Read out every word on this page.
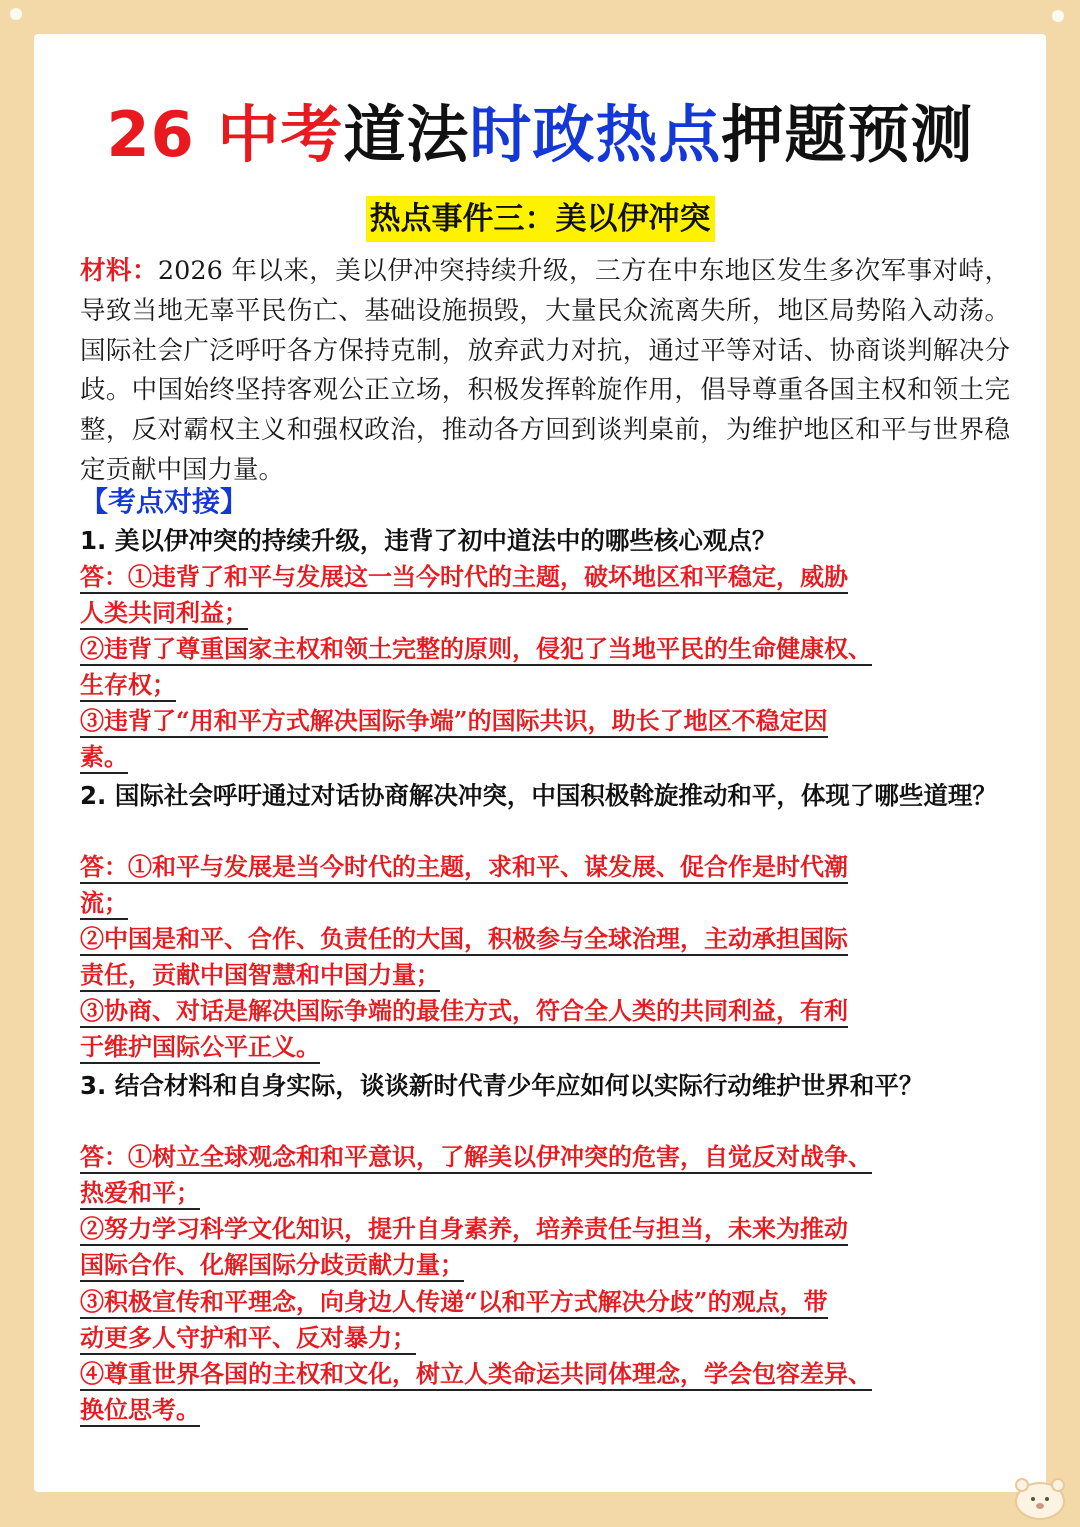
26 中考道法时政热点押题预测
热点事件三：美以伊冲突
材料：2026 年以来，美以伊冲突持续升级，三方在中东地区发生多次军事对峙，导致当地无辜平民伤亡、基础设施损毁，大量民众流离失所，地区局势陷入动荡。国际社会广泛呼吁各方保持克制，放弃武力对抗，通过平等对话、协商谈判解决分歧。中国始终坚持客观公正立场，积极发挥斡旋作用，倡导尊重各国主权和领土完整，反对霸权主义和强权政治，推动各方回到谈判桌前，为维护地区和平与世界稳定贡献中国力量。
【考点对接】
1. 美以伊冲突的持续升级，违背了初中道法中的哪些核心观点？
答：①违背了和平与发展这一当今时代的主题，破坏地区和平稳定，威胁
人类共同利益；
②违背了尊重国家主权和领土完整的原则，侵犯了当地平民的生命健康权、
生存权；
③违背了“用和平方式解决国际争端”的国际共识，助长了地区不稳定因
素。
2. 国际社会呼吁通过对话协商解决冲突，中国积极斡旋推动和平，体现了哪些道理？
答：①和平与发展是当今时代的主题，求和平、谋发展、促合作是时代潮
流；
②中国是和平、合作、负责任的大国，积极参与全球治理，主动承担国际
责任，贡献中国智慧和中国力量；
③协商、对话是解决国际争端的最佳方式，符合全人类的共同利益，有利
于维护国际公平正义。
3. 结合材料和自身实际，谈谈新时代青少年应如何以实际行动维护世界和平？
答：①树立全球观念和和平意识，了解美以伊冲突的危害，自觉反对战争、
热爱和平；
②努力学习科学文化知识，提升自身素养，培养责任与担当，未来为推动
国际合作、化解国际分歧贡献力量；
③积极宣传和平理念，向身边人传递“以和平方式解决分歧”的观点，带
动更多人守护和平、反对暴力；
④尊重世界各国的主权和文化，树立人类命运共同体理念，学会包容差异、
换位思考。
